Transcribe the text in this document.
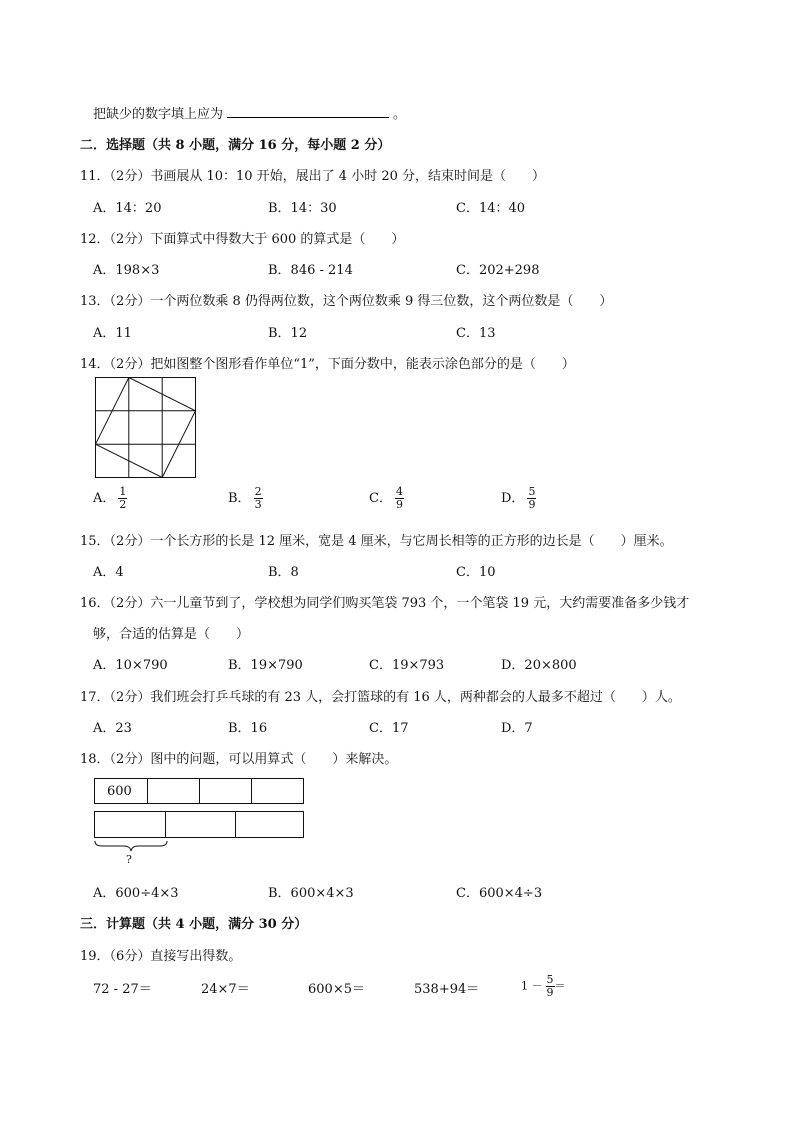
把缺少的数字填上应为	。
二．选择题（共 8 小题，满分 16 分，每小题 2 分）
11．（2分）书画展从 10：10 开始，展出了 4 小时 20 分，结束时间是（　　）
A．14：20	B．14：30	C．14：40
12．（2分）下面算式中得数大于 600 的算式是（　　）
A．198×3	B．846 - 214	C．202+298
13．（2分）一个两位数乘 8 仍得两位数，这个两位数乘 9 得三位数，这个两位数是（　　）
A．11	B．12	C．13
14．（2分）把如图整个图形看作单位“1”，下面分数中，能表示涂色部分的是（　　）
A． $\frac{1}{2}$	B． $\frac{2}{3}$	C． $\frac{4}{9}$	D． $\frac{5}{9}$
15．（2分）一个长方形的长是 12 厘米，宽是 4 厘米，与它周长相等的正方形的边长是（　　）厘米。
A．4	B．8	C．10
16．（2分）六一儿童节到了，学校想为同学们购买笔袋 793 个，一个笔袋 19 元，大约需要准备多少钱才
够，合适的估算是（　　）
A．10×790	B．19×790	C．19×793	D．20×800
17．（2分）我们班会打乒乓球的有 23 人，会打篮球的有 16 人，两种都会的人最多不超过（　　）人。
A．23	B．16	C．17	D．7
18．（2分）图中的问题，可以用算式（　　）来解决。
600
?
A．600÷4×3	B．600×4×3	C．600×4÷3
三．计算题（共 4 小题，满分 30 分）
19．（6分）直接写出得数。
72 - 27＝	24×7＝	600×5＝	538+94＝	$1 - \frac{5}{9}$ ＝
